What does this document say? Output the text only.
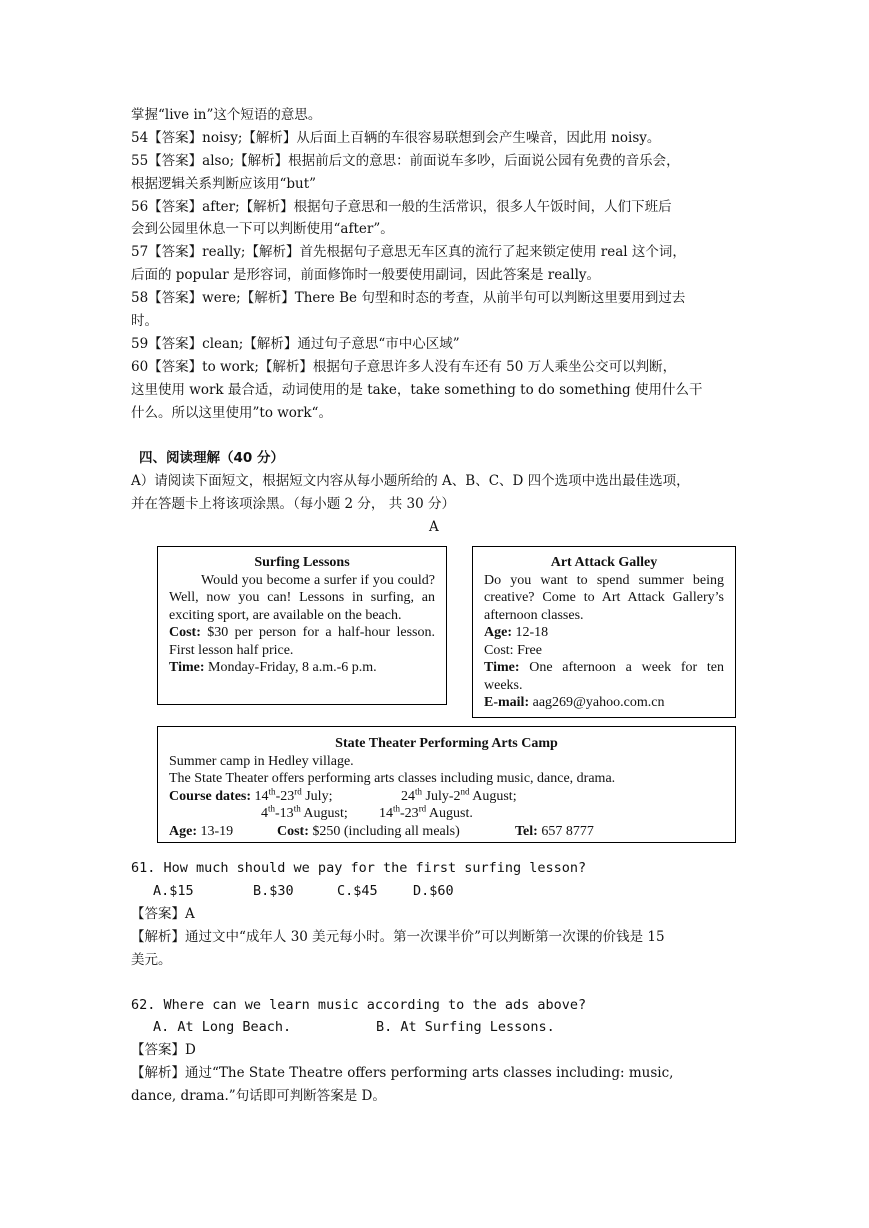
掌握“live in”这个短语的意思。
54【答案】noisy;【解析】从后面上百辆的车很容易联想到会产生噪音，因此用 noisy。
55【答案】also;【解析】根据前后文的意思：前面说车多吵，后面说公园有免费的音乐会，
根据逻辑关系判断应该用“but”
56【答案】after;【解析】根据句子意思和一般的生活常识，很多人午饭时间，人们下班后
会到公园里休息一下可以判断使用“after”。
57【答案】really;【解析】首先根据句子意思无车区真的流行了起来锁定使用 real 这个词，
后面的 popular 是形容词，前面修饰时一般要使用副词，因此答案是 really。
58【答案】were;【解析】There Be 句型和时态的考查，从前半句可以判断这里要用到过去
时。
59【答案】clean;【解析】通过句子意思“市中心区域”
60【答案】to work;【解析】根据句子意思许多人没有车还有 50 万人乘坐公交可以判断，
这里使用 work 最合适，动词使用的是 take，take something to do something 使用什么干
什么。所以这里使用”to work“。
四、阅读理解（40 分）
A）请阅读下面短文，根据短文内容从每小题所给的 A、B、C、D 四个选项中选出最佳选项，
并在答题卡上将该项涂黑。（每小题 2 分， 共 30 分）
A
Surfing Lessons
Would you become a surfer if you could? Well, now you can! Lessons in surfing, an exciting sport, are available on the beach.
Cost: $30 per person for a half-hour lesson. First lesson half price.
Time: Monday-Friday, 8 a.m.-6 p.m.
Art Attack Galley
Do you want to spend summer being creative? Come to Art Attack Gallery’s afternoon classes.
Age: 12-18
Cost: Free
Time: One afternoon a week for ten weeks.
E-mail: aag269@yahoo.com.cn
State Theater Performing Arts Camp
Summer camp in Hedley village.
The State Theater offers performing arts classes including music, dance, drama.
Course dates: 14th-23rd July;	24th July-2nd August;
4th-13th August; 14th-23rd August.
Age: 13-19	Cost: $250 (including all meals)	Tel: 657 8777
61. How much should we pay for the first surfing lesson?
A.$15	B.$30	C.$45	D.$60
【答案】A
【解析】通过文中“成年人 30 美元每小时。第一次课半价”可以判断第一次课的价钱是 15
美元。
62. Where can we learn music according to the ads above?
A. At Long Beach.	B. At Surfing Lessons.
【答案】D
【解析】通过“The State Theatre offers performing arts classes including: music,
dance, drama.”句话即可判断答案是 D。
